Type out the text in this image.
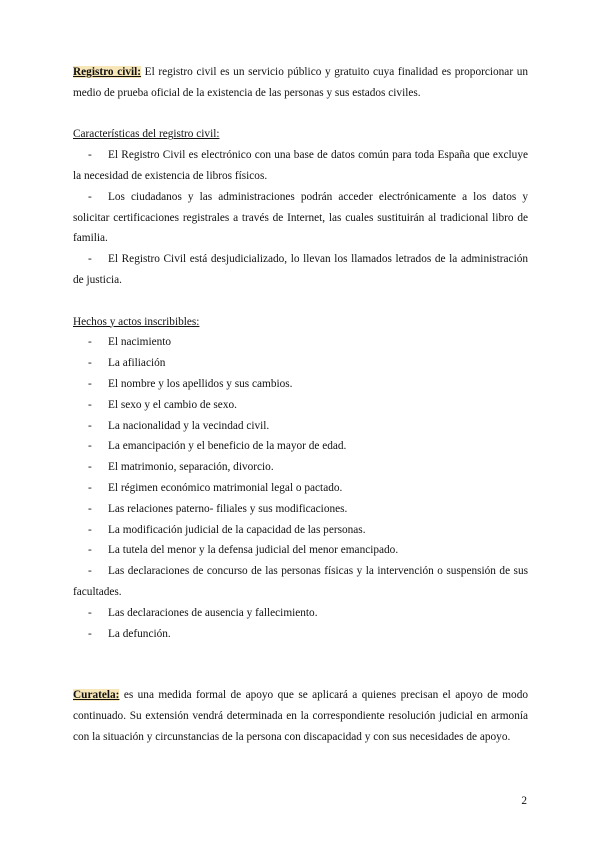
Registro civil: El registro civil es un servicio público y gratuito cuya finalidad es proporcionar un medio de prueba oficial de la existencia de las personas y sus estados civiles.

Características del registro civil:

- El Registro Civil es electrónico con una base de datos común para toda España que excluye la necesidad de existencia de libros físicos.

- Los ciudadanos y las administraciones podrán acceder electrónicamente a los datos y solicitar certificaciones registrales a través de Internet, las cuales sustituirán al tradicional libro de familia.

- El Registro Civil está desjudicializado, lo llevan los llamados letrados de la administración de justicia.

Hechos y actos inscribibles:

- El nacimiento

- La afiliación

- El nombre y los apellidos y sus cambios.

- El sexo y el cambio de sexo.

- La nacionalidad y la vecindad civil.

- La emancipación y el beneficio de la mayor de edad.

- El matrimonio, separación, divorcio.

- El régimen económico matrimonial legal o pactado.

- Las relaciones paterno- filiales y sus modificaciones.

- La modificación judicial de la capacidad de las personas.

- La tutela del menor y la defensa judicial del menor emancipado.

- Las declaraciones de concurso de las personas físicas y la intervención o suspensión de sus facultades.

- Las declaraciones de ausencia y fallecimiento.

- La defunción.

Curatela: es una medida formal de apoyo que se aplicará a quienes precisan el apoyo de modo continuado. Su extensión vendrá determinada en la correspondiente resolución judicial en armonía con la situación y circunstancias de la persona con discapacidad y con sus necesidades de apoyo.

2
